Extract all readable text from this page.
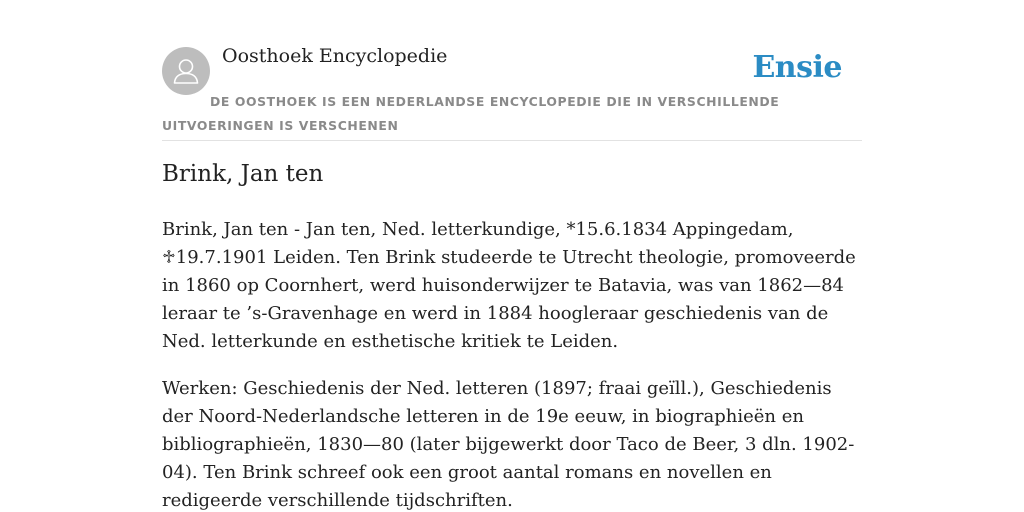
Oosthoek Encyclopedie	Ensie
DE OOSTHOEK IS EEN NEDERLANDSE ENCYCLOPEDIE DIE IN VERSCHILLENDE UITVOERINGEN IS VERSCHENEN
Brink, Jan ten

Brink, Jan ten - Jan ten, Ned. letterkundige, *15.6.1834 Appingedam, ♱19.7.1901 Leiden. Ten Brink studeerde te Utrecht theologie, promoveerde in 1860 op Coornhert, werd huisonderwijzer te Batavia, was van 1862—84 leraar te ’s-Gravenhage en werd in 1884 hoogleraar geschiedenis van de Ned. letterkunde en esthetische kritiek te Leiden.

Werken: Geschiedenis der Ned. letteren (1897; fraai geïll.), Geschiedenis der Noord-Nederlandsche letteren in de 19e eeuw, in biographieën en bibliographieën, 1830—80 (later bijgewerkt door Taco de Beer, 3 dln. 1902-04). Ten Brink schreef ook een groot aantal romans en novellen en redigeerde verschillende tijdschriften.
